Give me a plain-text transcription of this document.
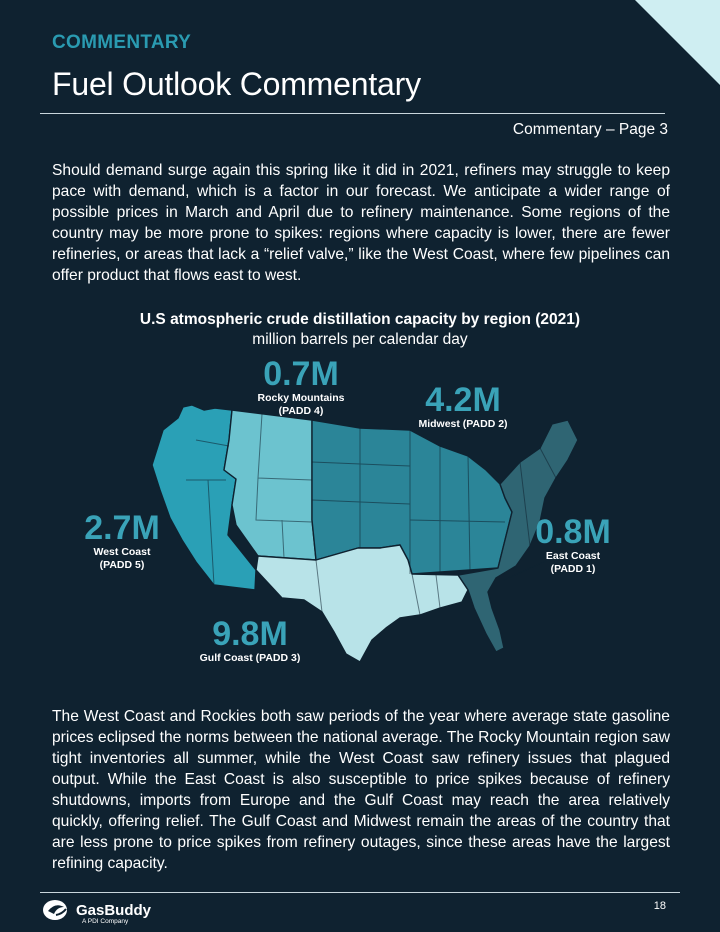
COMMENTARY
Fuel Outlook Commentary
Commentary – Page 3
Should demand surge again this spring like it did in 2021, refiners may struggle to keep pace with demand, which is a factor in our forecast. We anticipate a wider range of possible prices in March and April due to refinery maintenance. Some regions of the country may be more prone to spikes: regions where capacity is lower, there are fewer refineries, or areas that lack a “relief valve,” like the West Coast, where few pipelines can offer product that flows east to west.
U.S atmospheric crude distillation capacity by region (2021)
million barrels per calendar day
0.7M
Rocky Mountains
(PADD 4)	4.2M
Midwest (PADD 2)
2.7M
West Coast
(PADD 5)
0.8M
East Coast
(PADD 1)
9.8M
Gulf Coast (PADD 3)
The West Coast and Rockies both saw periods of the year where average state gasoline prices eclipsed the norms between the national average. The Rocky Mountain region saw tight inventories all summer, while the West Coast saw refinery issues that plagued output. While the East Coast is also susceptible to price spikes because of refinery shutdowns, imports from Europe and the Gulf Coast may reach the area relatively quickly, offering relief. The Gulf Coast and Midwest remain the areas of the country that are less prone to price spikes from refinery outages, since these areas have the largest refining capacity.
GasBuddy
A PDI Company
18
